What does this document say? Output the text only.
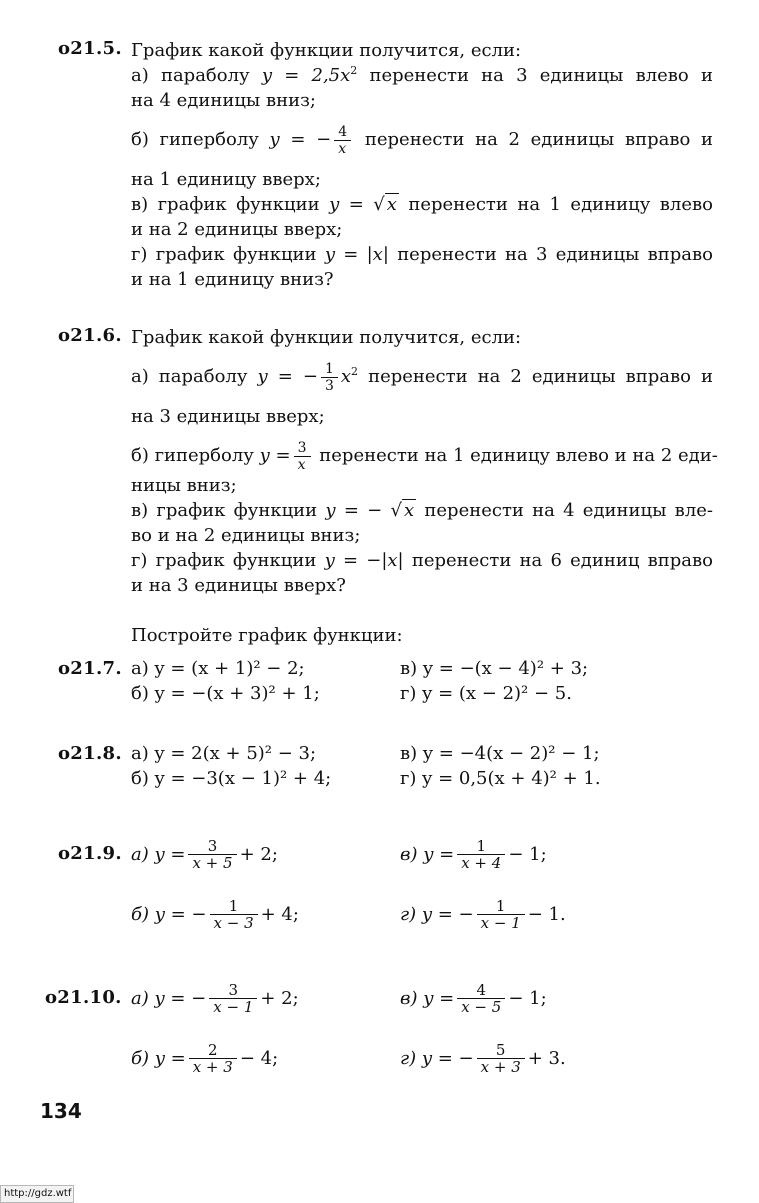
o21.5. График какой функции получится, если:
а) параболу $y = 2,5x^2$ перенести на 3 единицы влево и
на 4 единицы вниз;
б) гиперболу y = − $\frac{4}{x}$ перенести на 2 единицы вправо и
на 1 единицу вверх;
в) график функции y = √ x перенести на 1 единицу влево
и на 2 единицы вверх;
г) график функции y = |x| перенести на 3 единицы вправо
и на 1 единицу вниз?
o21.6. График какой функции получится, если:
а) параболу y = − $\frac{1}{3} x^2$ перенести на 2 единицы вправо и
на 3 единицы вверх;
б) гиперболу $y = \frac{3}{x}$ перенести на 1 единицу влево и на 2 еди-
ницы вниз;
в) график функции y = − √ x перенести на 4 единицы вле-
во и на 2 единицы вниз;
г) график функции y = −|x| перенести на 6 единиц вправо
и на 3 единицы вверх?
Постройте график функции:
o21.7. а) y = (x + 1)² − 2;	в) y = −(x − 4)² + 3;
б) y = −(x + 3)² + 1;	г) y = (x − 2)² − 5.
o21.8. а) y = 2(x + 5)² − 3;	в) y = −4(x − 2)² − 1;
б) y = −3(x − 1)² + 4;	г) y = 0,5(x + 4)² + 1.
o21.9. а) $y = \frac{3}{x + 5} + 2$;	в) $y = \frac{1}{x + 4} - 1$;
б) y = − $\frac{1}{x - 3} + 4$;	г) y = − $\frac{1}{x - 1} - 1$.
o21.10. а) y = − $\frac{3}{x - 1} + 2$;	в) $y = \frac{4}{x - 5} - 1$;
б) $y = \frac{2}{x + 3} - 4$;	г) y = − $\frac{5}{x + 3} + 3$.
134
http://gdz.wtf
